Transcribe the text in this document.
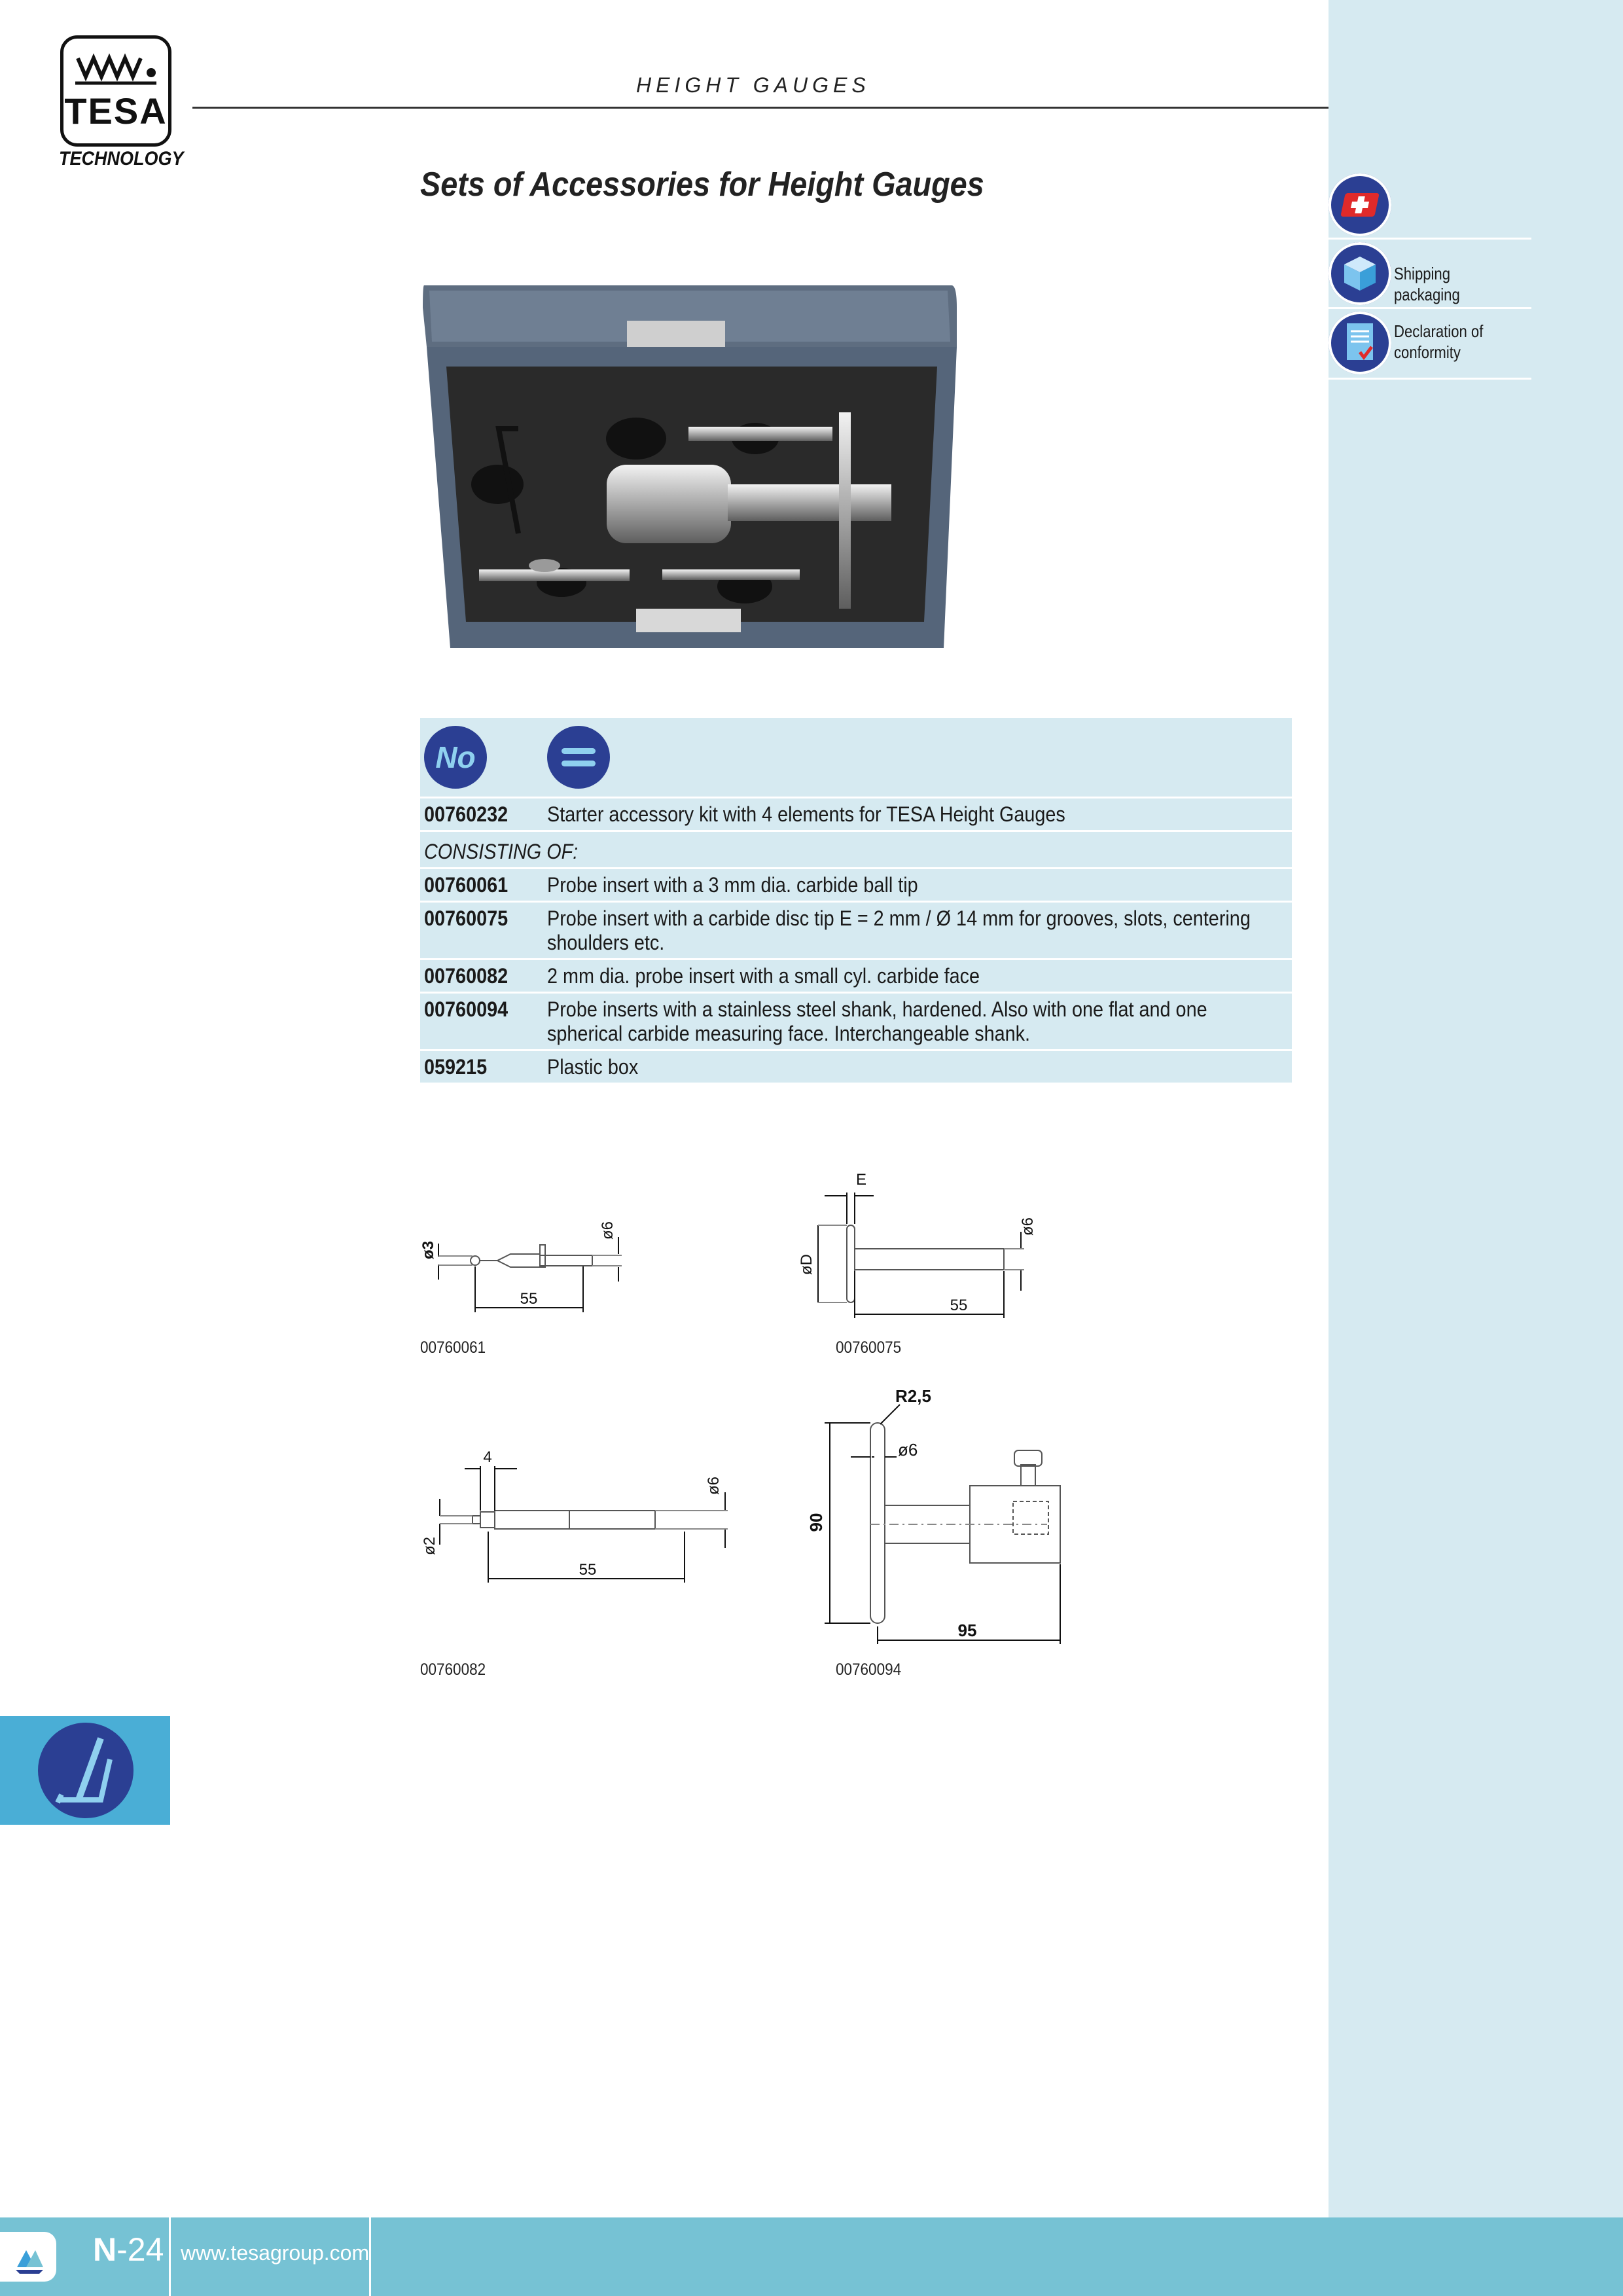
TESA
TECHNOLOGY
HEIGHT GAUGES
Shipping packaging
Declaration of conformity
Sets of Accessories for Height Gauges
No
00760232 Starter accessory kit with 4 elements for TESA Height Gauges
CONSISTING OF:
00760061 Probe insert with a 3 mm dia. carbide ball tip
00760075 Probe insert with a carbide disc tip E = 2 mm / Ø 14 mm for grooves, slots, centering shoulders etc.
00760082 2 mm dia. probe insert with a small cyl. carbide face
00760094 Probe inserts with a stainless steel shank, hardened. Also with one flat and one spherical carbide measuring face. Interchangeable shank.
059215	Plastic box
ø3
ø6
55
00760061
E
øD
ø6
55
00760075
4
ø2
ø6
55
00760082
R2,5
ø6
90
95
00760094
N-24 www.tesagroup.com
